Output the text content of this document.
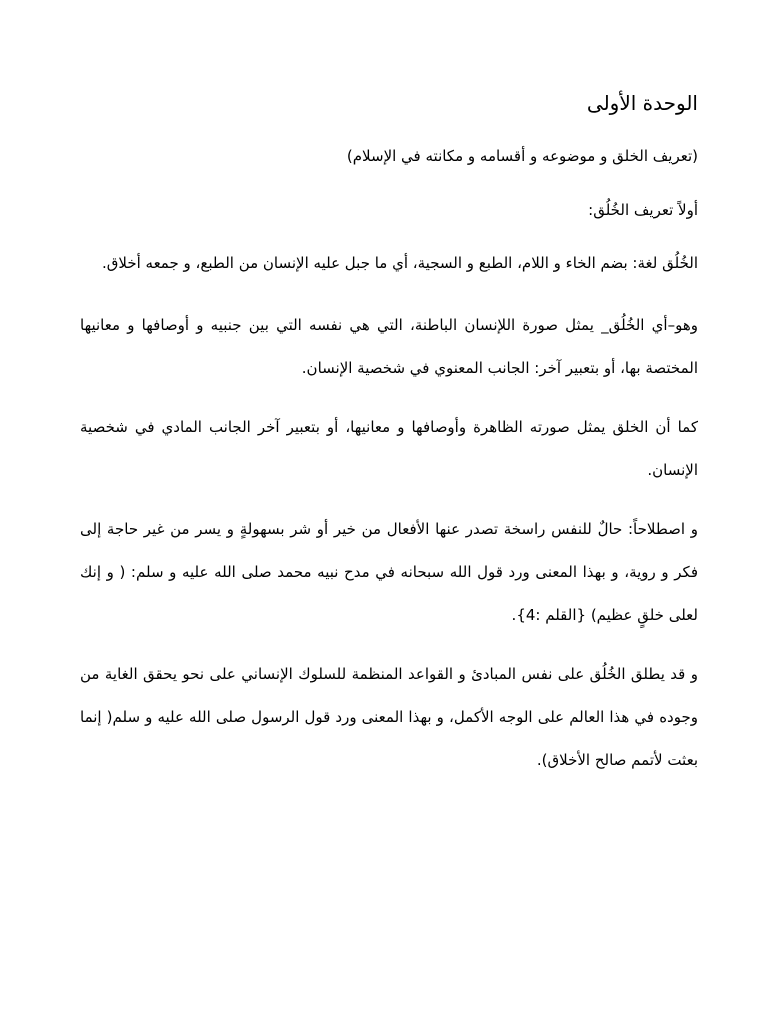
الوحدة الأولى

(تعريف الخلق و موضوعه و أقسامه و مكانته في الإسلام)

أولاً تعريف الخُلُق:

الخُلُق لغة: بضم الخاء و اللام، الطبع و السجية، أي ما جبل عليه الإنسان من الطبع، و جمعه أخلاق.

وهو–أي الخُلُق_ يمثل صورة اللإنسان الباطنة، التي هي نفسه التي بين جنبيه و أوصافها و معانيها المختصة بها، أو بتعبير آخر: الجانب المعنوي في شخصية الإنسان.

كما أن الخلق يمثل صورته الظاهرة وأوصافها و معانيها، أو بتعبير آخر الجانب المادي في شخصية الإنسان.

و اصطلاحاً: حالٌ للنفس راسخة تصدر عنها الأفعال من خير أو شر بسهولةٍ و يسر من غير حاجة إلى فكر و روية، و بهذا المعنى ورد قول الله سبحانه في مدح نبيه محمد صلى الله عليه و سلم: ( و إنك لعلى خلقٍ عظيم) {القلم :4}.

و قد يطلق الخُلُق على نفس المبادئ و القواعد المنظمة للسلوك الإنساني على نحو يحقق الغاية من وجوده في هذا العالم على الوجه الأكمل، و بهذا المعنى ورد قول الرسول صلى الله عليه و سلم( إنما بعثت لأتمم صالح الأخلاق).
